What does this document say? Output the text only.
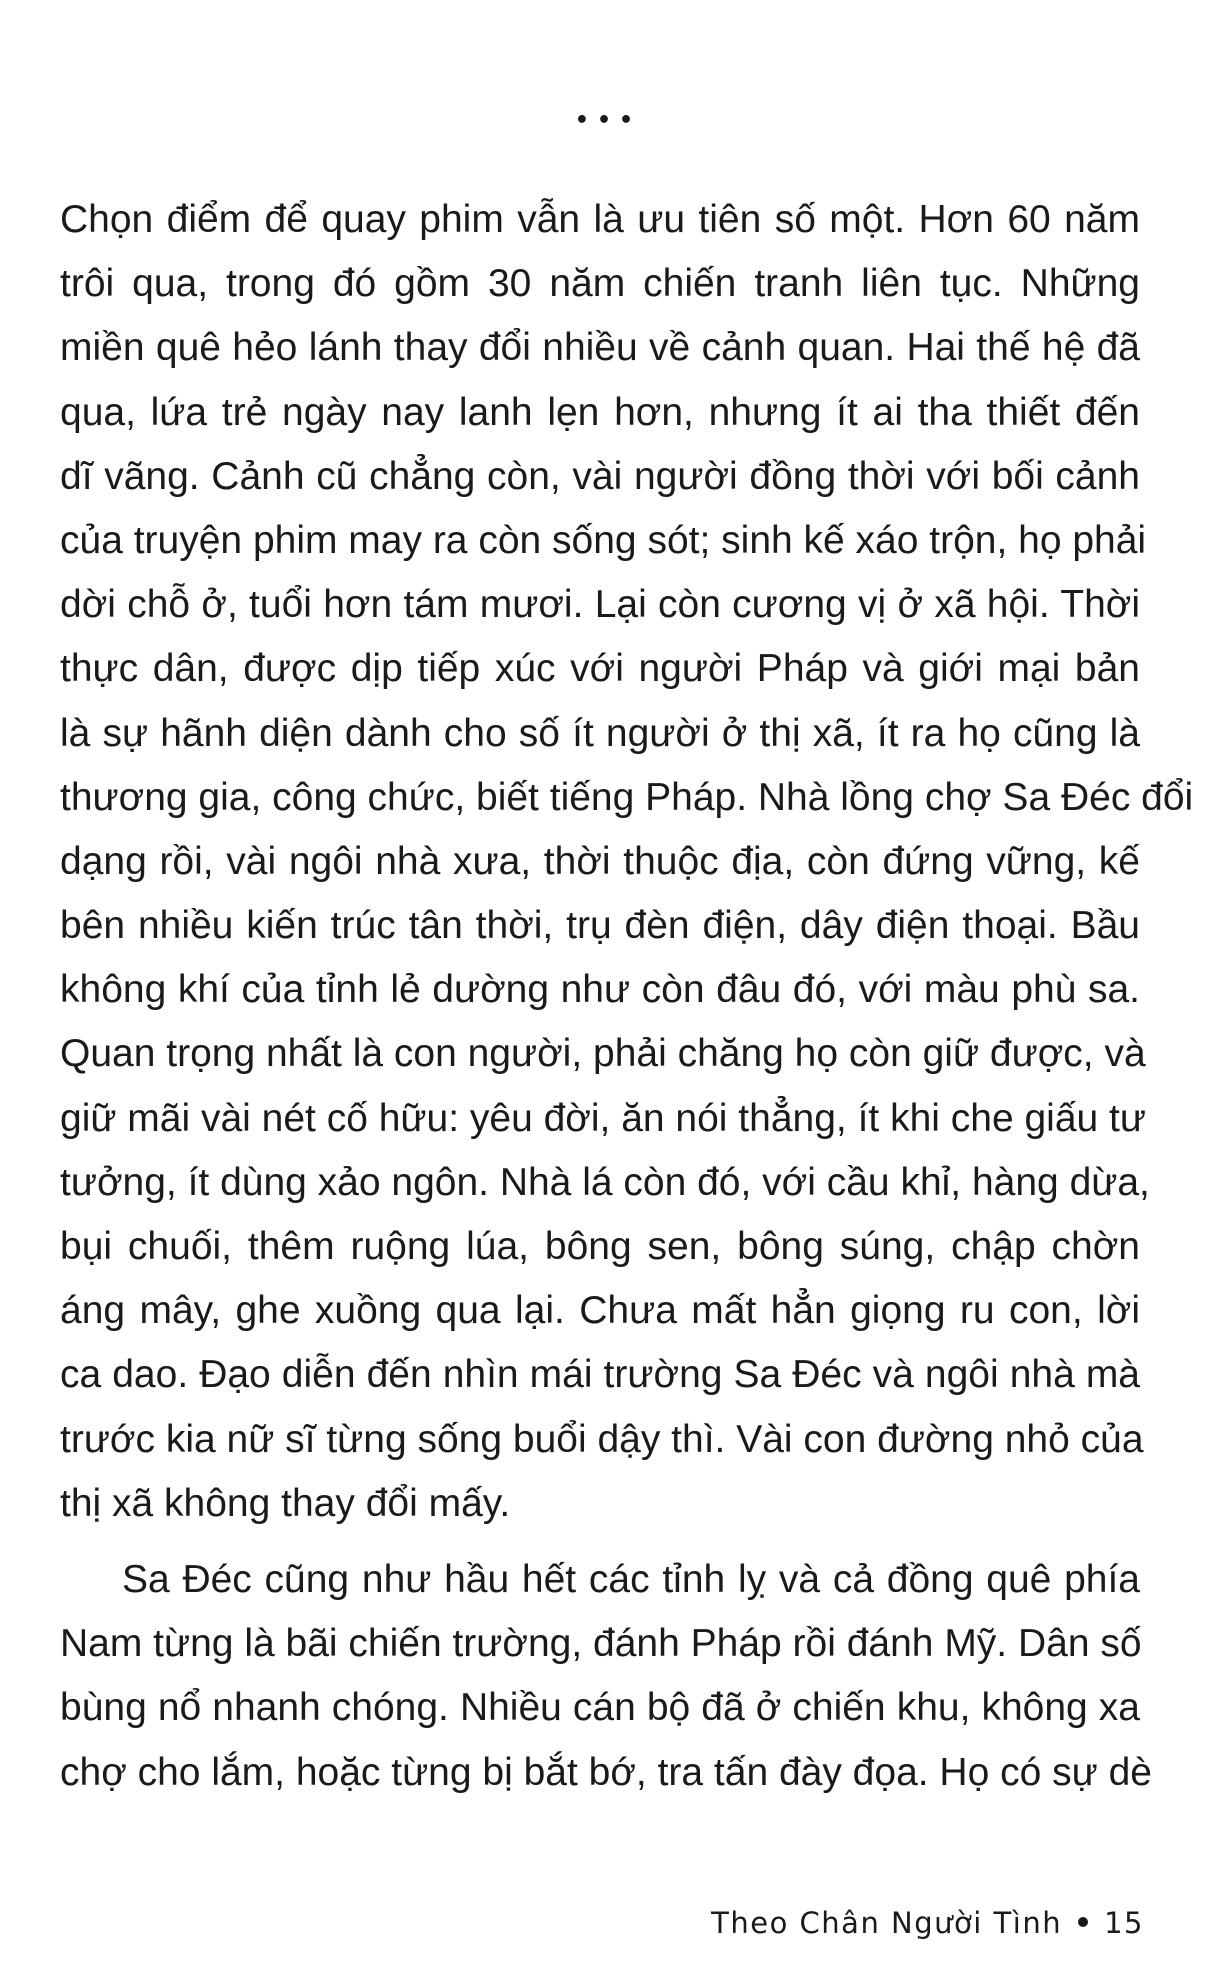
•••
Chọn điểm để quay phim vẫn là ưu tiên số một. Hơn 60 năm
trôi qua, trong đó gồm 30 năm chiến tranh liên tục. Những
miền quê hẻo lánh thay đổi nhiều về cảnh quan. Hai thế hệ đã
qua, lứa trẻ ngày nay lanh lẹn hơn, nhưng ít ai tha thiết đến
dĩ vãng. Cảnh cũ chẳng còn, vài người đồng thời với bối cảnh
của truyện phim may ra còn sống sót; sinh kế xáo trộn, họ phải
dời chỗ ở, tuổi hơn tám mươi. Lại còn cương vị ở xã hội. Thời
thực dân, được dịp tiếp xúc với người Pháp và giới mại bản
là sự hãnh diện dành cho số ít người ở thị xã, ít ra họ cũng là
thương gia, công chức, biết tiếng Pháp. Nhà lồng chợ Sa Đéc đổi
dạng rồi, vài ngôi nhà xưa, thời thuộc địa, còn đứng vững, kế
bên nhiều kiến trúc tân thời, trụ đèn điện, dây điện thoại. Bầu
không khí của tỉnh lẻ dường như còn đâu đó, với màu phù sa.
Quan trọng nhất là con người, phải chăng họ còn giữ được, và
giữ mãi vài nét cố hữu: yêu đời, ăn nói thẳng, ít khi che giấu tư
tưởng, ít dùng xảo ngôn. Nhà lá còn đó, với cầu khỉ, hàng dừa,
bụi chuối, thêm ruộng lúa, bông sen, bông súng, chập chờn
áng mây, ghe xuồng qua lại. Chưa mất hẳn giọng ru con, lời
ca dao. Đạo diễn đến nhìn mái trường Sa Đéc và ngôi nhà mà
trước kia nữ sĩ từng sống buổi dậy thì. Vài con đường nhỏ của
thị xã không thay đổi mấy.
Sa Đéc cũng như hầu hết các tỉnh lỵ và cả đồng quê phía
Nam từng là bãi chiến trường, đánh Pháp rồi đánh Mỹ. Dân số
bùng nổ nhanh chóng. Nhiều cán bộ đã ở chiến khu, không xa
chợ cho lắm, hoặc từng bị bắt bớ, tra tấn đày đọa. Họ có sự dè
Theo Chân Người Tình 15
